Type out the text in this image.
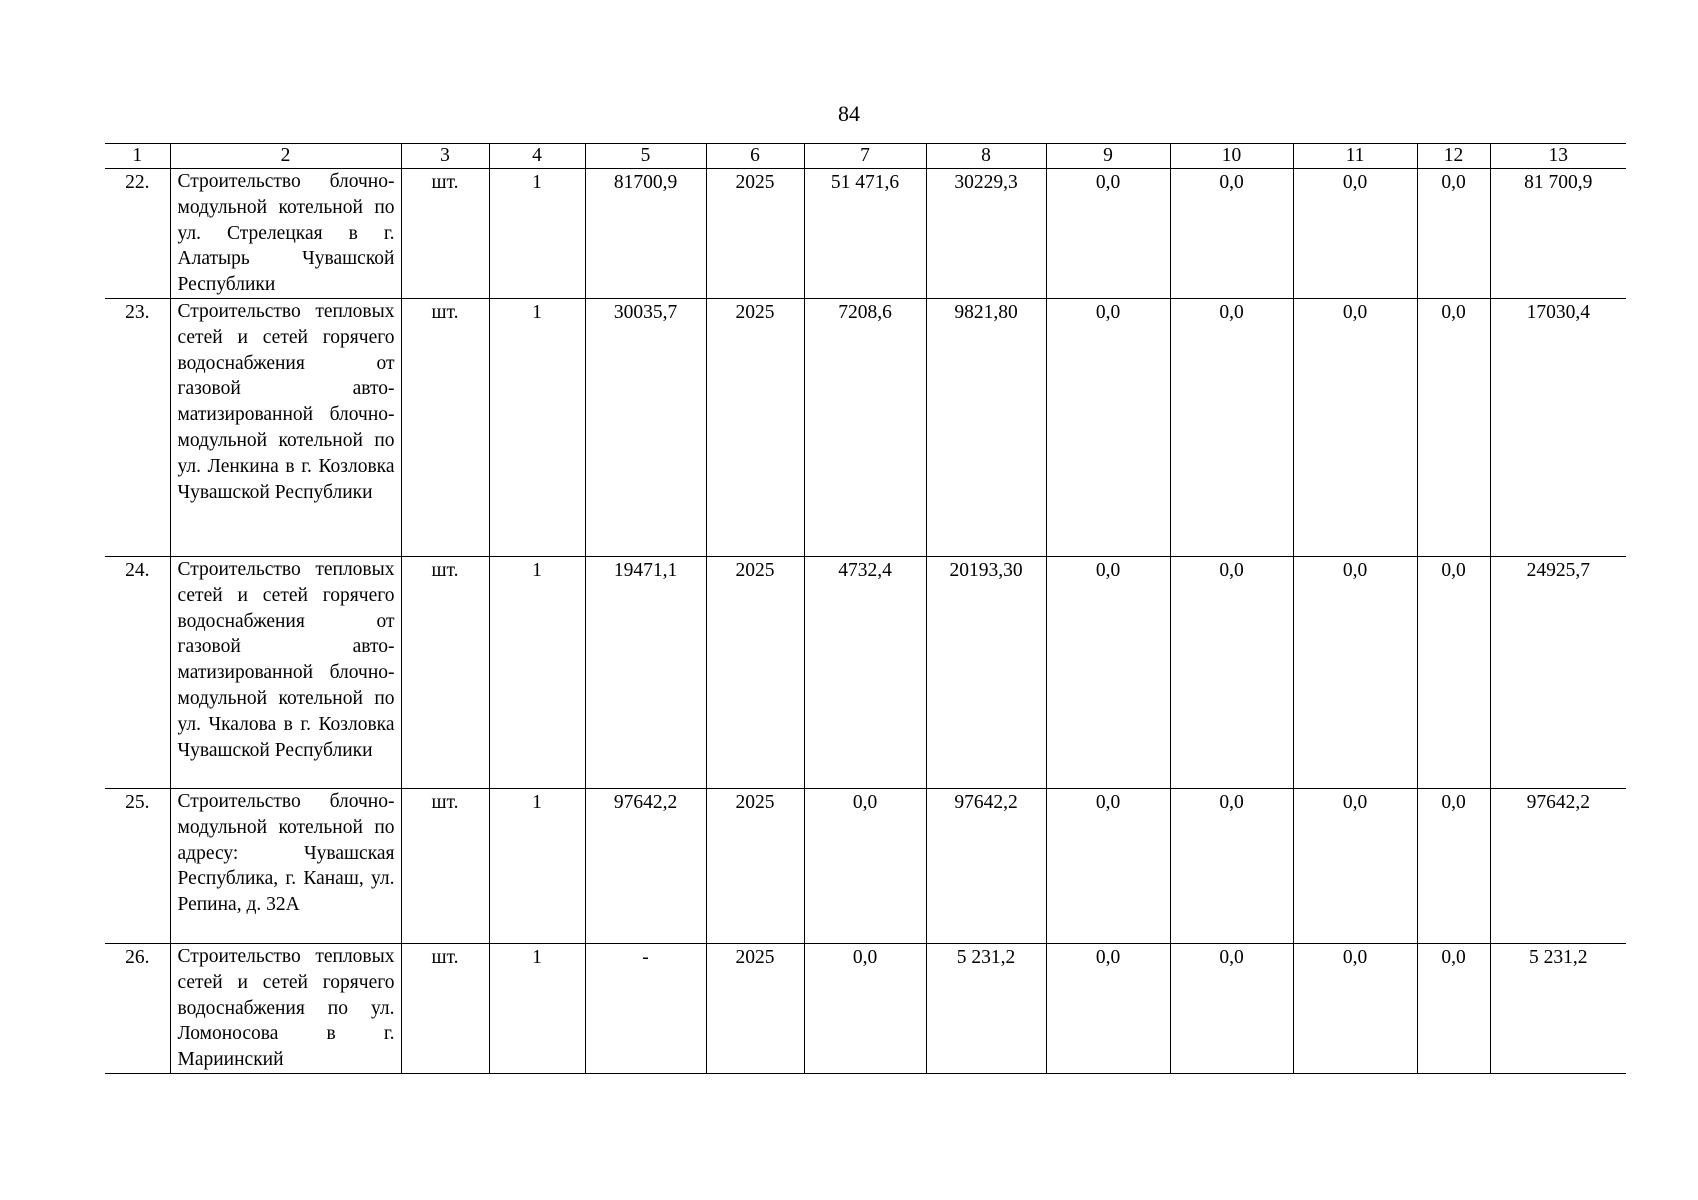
84
1	2	3	4	5	6	7	8	9	10	11	12	13
22.	Строительство блочно-модульной котельной по ул. Стрелецкая в г. Алатырь Чувашской Республики	шт.	1	81700,9	2025	51 471,6	30229,3	0,0	0,0	0,0	0,0	81 700,9
23.	Строительство тепловых сетей и сетей горячего водоснабжения от газовой автоматизированной блочно-модульной котельной по ул. Ленкина в г. Козловка Чувашской Республики	шт.	1	30035,7	2025	7208,6	9821,80	0,0	0,0	0,0	0,0	17030,4
24.	Строительство тепловых сетей и сетей горячего водоснабжения от газовой автоматизированной блочно-модульной котельной по ул. Чкалова в г. Козловка Чувашской Республики	шт.	1	19471,1	2025	4732,4	20193,30	0,0	0,0	0,0	0,0	24925,7
25.	Строительство блочно-модульной котельной по адресу: Чувашская Республика, г. Канаш, ул. Репина, д. 32А	шт.	1	97642,2	2025	0,0	97642,2	0,0	0,0	0,0	0,0	97642,2
26.	Строительство тепловых сетей и сетей горячего водоснабжения по ул. Ломоносова в г. Мариинский	шт.	1	-	2025	0,0	5 231,2	0,0	0,0	0,0	0,0	5 231,2
